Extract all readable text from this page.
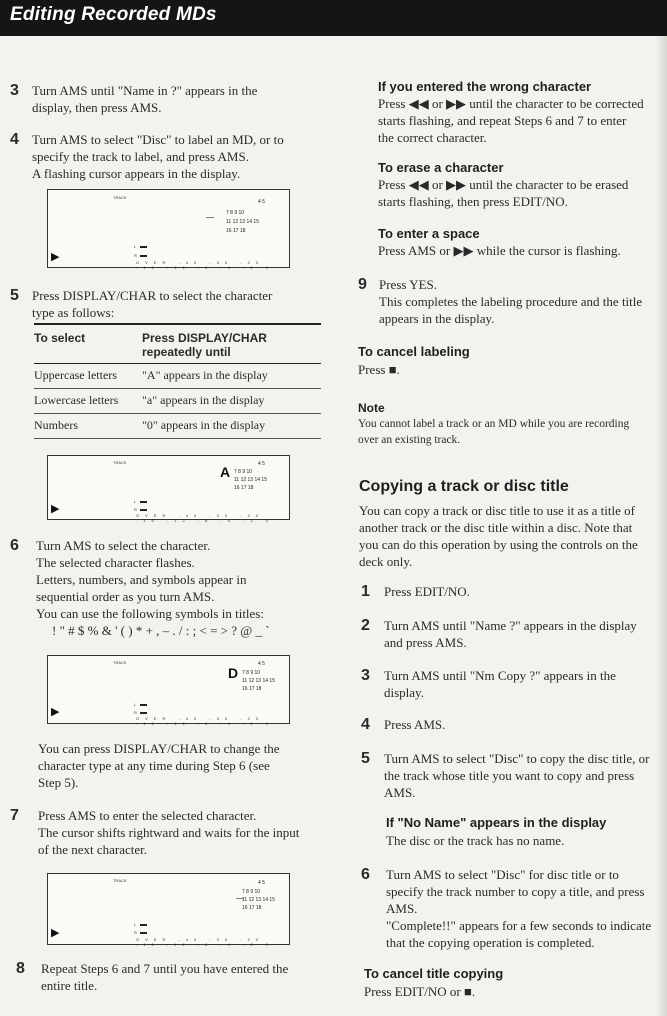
Editing Recorded MDs
3 Turn AMS until "Name in ?" appears in the

display, then press AMS.

4 Turn AMS to select "Disc" to label an MD, or to

specify the track to label, and press AMS.

A flashing cursor appears in the display.

TRACK
_
4 5
7 8 9 10
11 12 13 14 15
16 17 18
L
R
OVER -40 -30 -20 -16 -12 -8 -4 -2 0
▶
5 Press DISPLAY/CHAR to select the character

type as follows:

To select	Press DISPLAY/CHAR repeatedly until
Uppercase letters	"A" appears in the display
Lowercase letters	"a" appears in the display
Numbers	"0" appears in the display
TRACK
A	4 5
7 8 9 10
11 12 13 14 15
16 17 18
L
R
OVER -40 -30 -20 -16 -12 -8 -4 -2 0
▶
6 Turn AMS to select the character.

The selected character flashes.

Letters, numbers, and symbols appear in

sequential order as you turn AMS.

You can use the following symbols in titles:

! " # $ % & ' ( ) * + , – . / : ; < = > ? @ _ `

TRACK
D
4 5
7 8 9 10
11 12 13 14 15
16 17 18
L
R
OVER -40 -30 -20 -16 -12 -8 -4 -2 0
▶

You can press DISPLAY/CHAR to change the

character type at any time during Step 6 (see

Step 5).

7 Press AMS to enter the selected character.

The cursor shifts rightward and waits for the input

of the next character.

TRACK
_
4 5
7 8 9 10
11 12 13 14 15
16 17 18
L
R
OVER -40 -30 -20 -16 -12 -8 -4 -2 0
▶
8 Repeat Steps 6 and 7 until you have entered the

entire title.

If you entered the wrong character

Press ◀◀ or ▶▶ until the character to be corrected

starts flashing, and repeat Steps 6 and 7 to enter

the correct character.

To erase a character

Press ◀◀ or ▶▶ until the character to be erased

starts flashing, then press EDIT/NO.

To enter a space

Press AMS or ▶▶ while the cursor is flashing.

9 Press YES.

This completes the labeling procedure and the title

appears in the display.

To cancel labeling

Press ■.

Note

You cannot label a track or an MD while you are recording

over an existing track.

Copying a track or disc title

You can copy a track or disc title to use it as a title of

another track or the disc title within a disc. Note that

you can do this operation by using the controls on the

deck only.

1 Press EDIT/NO.

2 Turn AMS until "Name ?" appears in the display

and press AMS.

3 Turn AMS until "Nm Copy ?" appears in the

display.

4 Press AMS.

5 Turn AMS to select "Disc" to copy the disc title, or

the track whose title you want to copy and press

AMS.

If "No Name" appears in the display

The disc or the track has no name.

6 Turn AMS to select "Disc" for disc title or to

specify the track number to copy a title, and press

AMS.

"Complete!!" appears for a few seconds to indicate

that the copying operation is completed.

To cancel title copying

Press EDIT/NO or ■.
